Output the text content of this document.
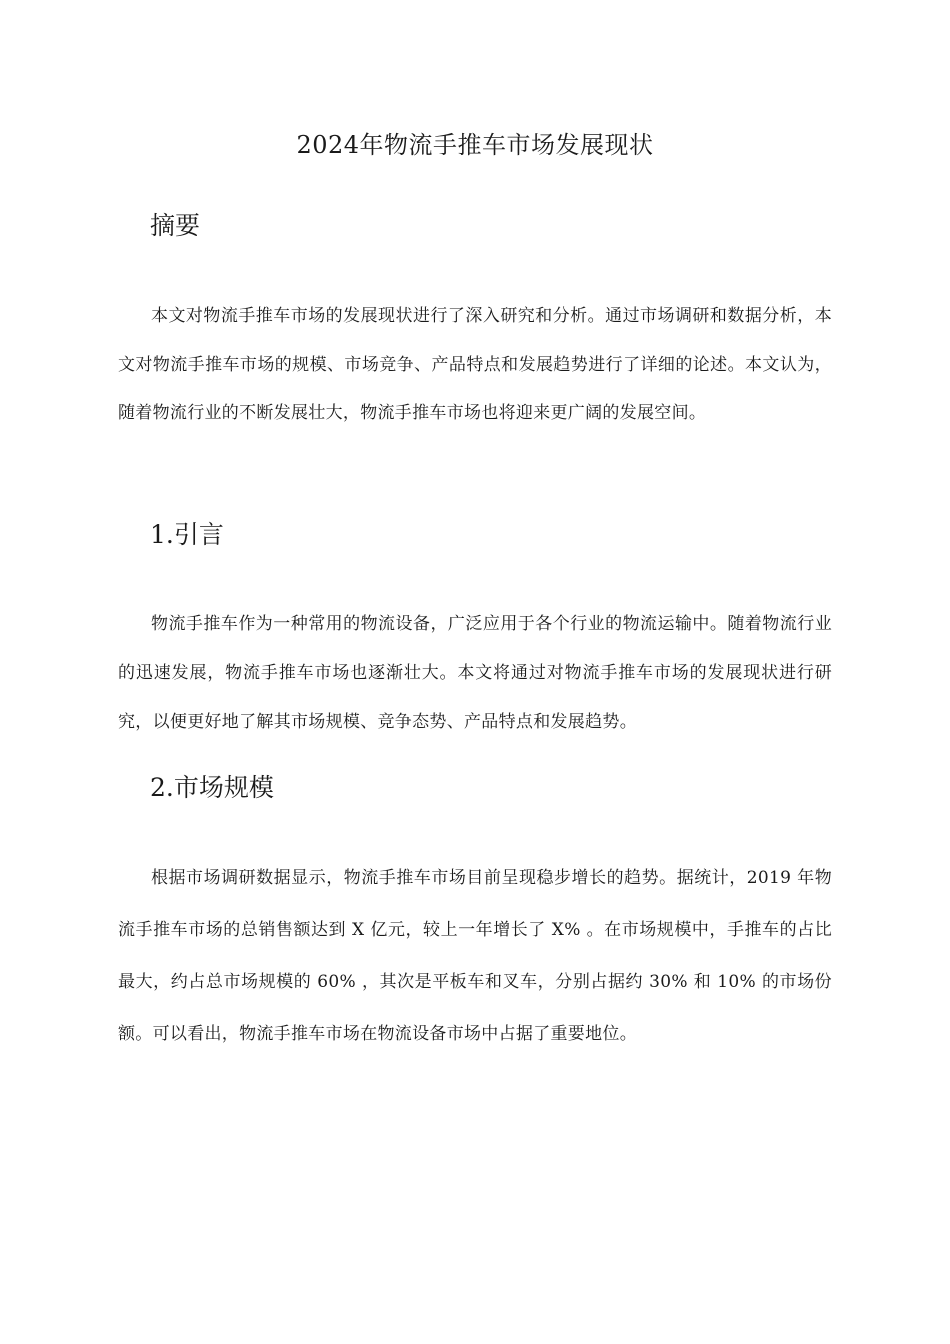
2024年物流手推车市场发展现状
摘要

本文对物流手推车市场的发展现状进行了深入研究和分析。通过市场调研和数据分析，本文对物流手推车市场的规模、市场竞争、产品特点和发展趋势进行了详细的论述。本文认为，随着物流行业的不断发展壮大，物流手推车市场也将迎来更广阔的发展空间。

1.引言

物流手推车作为一种常用的物流设备，广泛应用于各个行业的物流运输中。随着物流行业的迅速发展，物流手推车市场也逐渐壮大。本文将通过对物流手推车市场的发展现状进行研究，以便更好地了解其市场规模、竞争态势、产品特点和发展趋势。

2.市场规模

根据市场调研数据显示，物流手推车市场目前呈现稳步增长的趋势。据统计，2019 年物流手推车市场的总销售额达到 X 亿元，较上一年增长了 X% 。在市场规模中，手推车的占比最大，约占总市场规模的 60% ，其次是平板车和叉车，分别占据约 30% 和 10% 的市场份额。可以看出，物流手推车市场在物流设备市场中占据了重要地位。
